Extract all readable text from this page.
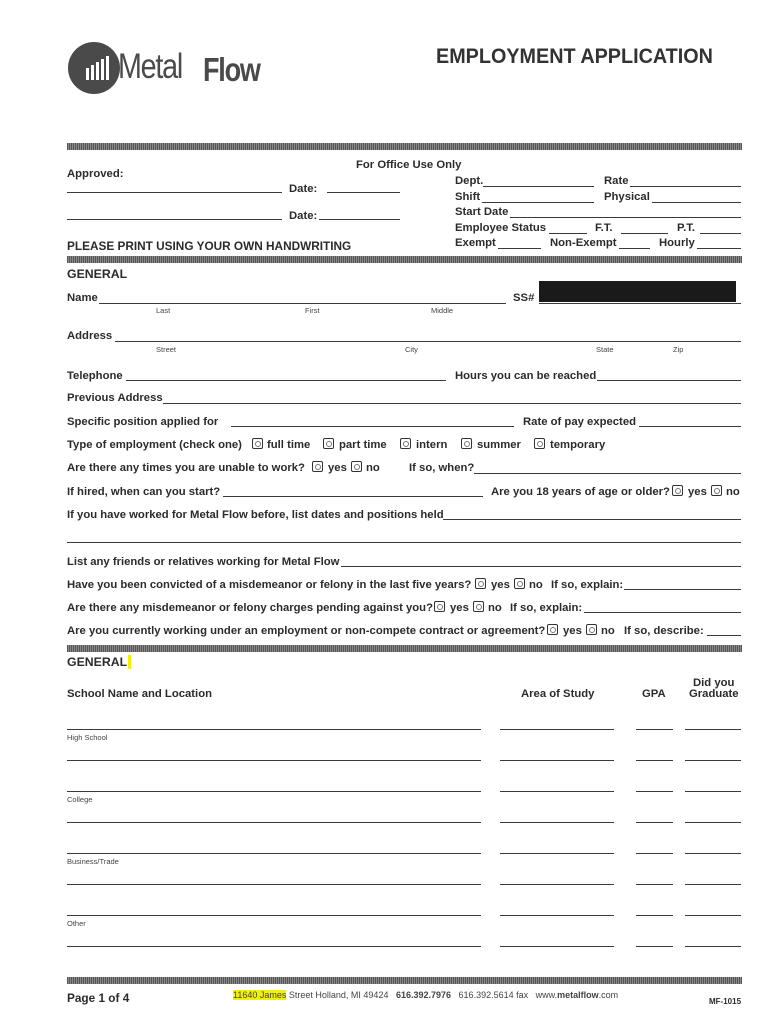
Metal Flow	EMPLOYMENT APPLICATION
For Office Use Only
Approved:
Date:
Date:
Dept.	Rate
Shift	Physical
Start Date
Employee Status	F.T.	P.T.
Exempt	Non-Exempt	Hourly
PLEASE PRINT USING YOUR OWN HANDWRITING
GENERAL
Name
Last	First	Middle
SS#
Address
Street	City	State	Zip
Telephone	Hours you can be reached
Previous Address
Specific position applied for	Rate of pay expected
Type of employment (check one) full time	part time	intern	summer	temporary
Are there any times you are unable to work? yes no	If so, when?
If hired, when can you start?	Are you 18 years of age or older? yes no
If you have worked for Metal Flow before, list dates and positions held
List any friends or relatives working for Metal Flow
Have you been convicted of a misdemeanor or felony in the last five years? yes no If so, explain:
Are there any misdemeanor or felony charges pending against you? yes no If so, explain:
Are you currently working under an employment or non-compete contract or agreement? yes no If so, describe:
GENERAL
School Name and Location	Area of Study	GPA
Did you
Graduate
High School
College
Business/Trade
Other
Page 1 of 4	11640 James Street Holland, MI 49424 616.392.7976 616.392.5614 fax www.metalflow.com
MF-1015
